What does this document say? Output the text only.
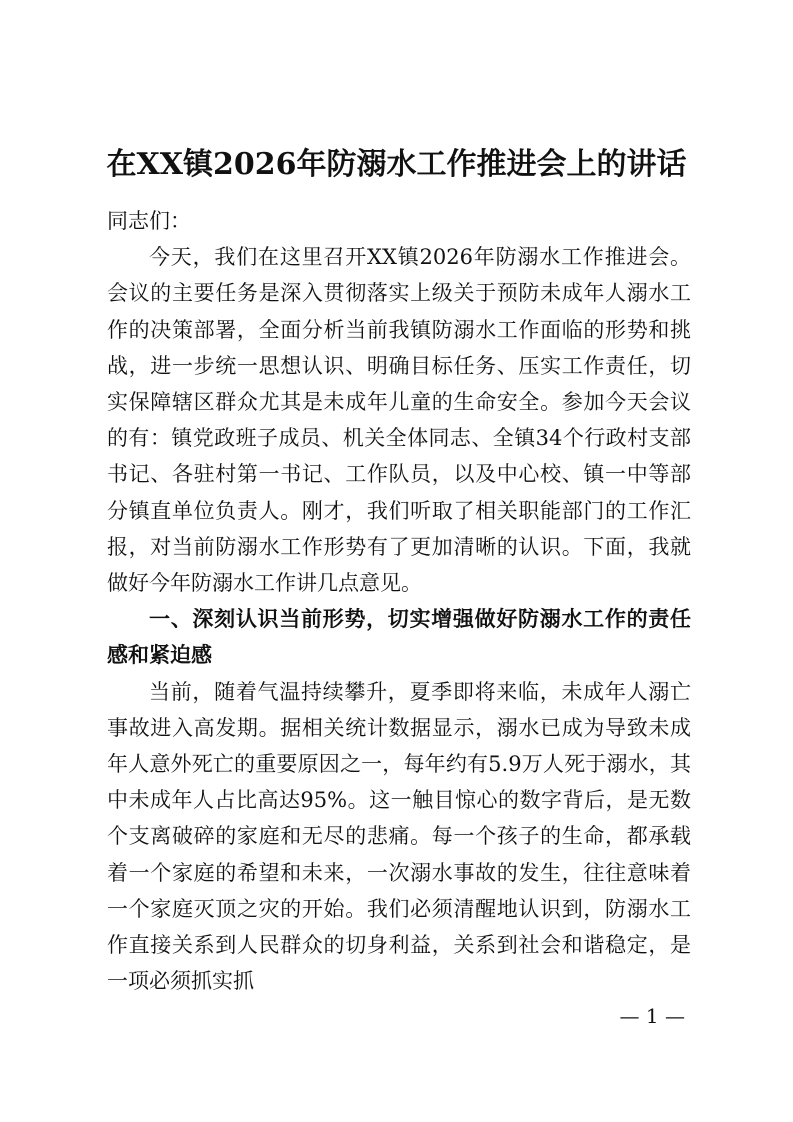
在XX镇2026年防溺水工作推进会上的讲话

同志们：

今天，我们在这里召开XX镇2026年防溺水工作推进会。会议的主要任务是深入贯彻落实上级关于预防未成年人溺水工作的决策部署，全面分析当前我镇防溺水工作面临的形势和挑战，进一步统一思想认识、明确目标任务、压实工作责任，切实保障辖区群众尤其是未成年儿童的生命安全。参加今天会议的有：镇党政班子成员、机关全体同志、全镇34个行政村支部书记、各驻村第一书记、工作队员，以及中心校、镇一中等部分镇直单位负责人。刚才，我们听取了相关职能部门的工作汇报，对当前防溺水工作形势有了更加清晰的认识。下面，我就做好今年防溺水工作讲几点意见。

一、深刻认识当前形势，切实增强做好防溺水工作的责任感和紧迫感

当前，随着气温持续攀升，夏季即将来临，未成年人溺亡事故进入高发期。据相关统计数据显示，溺水已成为导致未成年人意外死亡的重要原因之一，每年约有5.9万人死于溺水，其中未成年人占比高达95%。这一触目惊心的数字背后，是无数个支离破碎的家庭和无尽的悲痛。每一个孩子的生命，都承载着一个家庭的希望和未来，一次溺水事故的发生，往往意味着一个家庭灭顶之灾的开始。我们必须清醒地认识到，防溺水工作直接关系到人民群众的切身利益，关系到社会和谐稳定，是一项必须抓实抓

— 1 —
